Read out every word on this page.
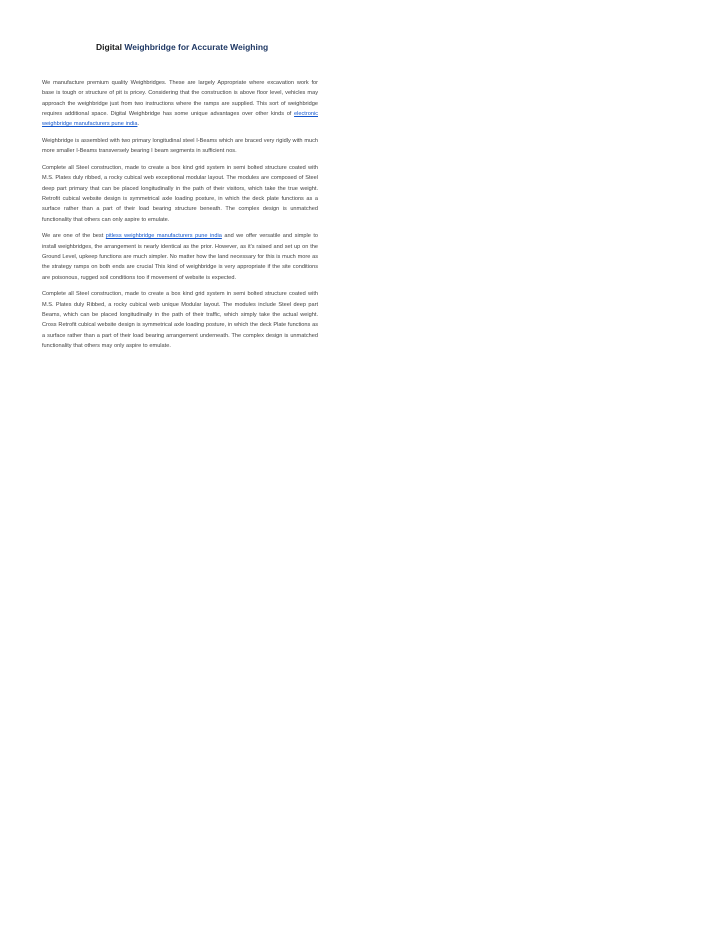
Digital Weighbridge for Accurate Weighing

We manufacture premium quality Weighbridges. These are largely Appropriate where excavation work for base is tough or structure of pit is pricey. Considering that the construction is above floor level, vehicles may approach the weighbridge just from two instructions where the ramps are supplied. This sort of weighbridge requires additional space. Digital Weighbridge has some unique advantages over other kinds of electronic weighbridge manufacturers pune india.

Weighbridge is assembled with two primary longitudinal steel I-Beams which are braced very rigidly with much more smaller I-Beams transversely bearing I beam segments in sufficient nos.

Complete all Steel construction, made to create a box kind grid system in semi bolted structure coated with M.S. Plates duly ribbed, a rocky cubical web exceptional modular layout. The modules are composed of Steel deep part primary that can be placed longitudinally in the path of their visitors, which take the true weight. Retrofit cubical website design is symmetrical axle loading posture, in which the deck plate functions as a surface rather than a part of their load bearing structure beneath. The complex design is unmatched functionality that others can only aspire to emulate.

We are one of the best pitless weighbridge manufacturers pune india and we offer versatile and simple to install weighbridges, the arrangement is nearly identical as the prior. However, as it's raised and set up on the Ground Level, upkeep functions are much simpler. No matter how the land necessary for this is much more as the strategy ramps on both ends are crucial This kind of weighbridge is very appropriate if the site conditions are poisonous, rugged soil conditions too if movement of website is expected.

Complete all Steel construction, made to create a box kind grid system in semi bolted structure coated with M.S. Plates duly Ribbed, a rocky cubical web unique Modular layout. The modules include Steel deep part Beams, which can be placed longitudinally in the path of their traffic, which simply take the actual weight. Cross Retrofit cubical website design is symmetrical axle loading posture, in which the deck Plate functions as a surface rather than a part of their load bearing arrangement underneath. The complex design is unmatched functionality that others may only aspire to emulate.
